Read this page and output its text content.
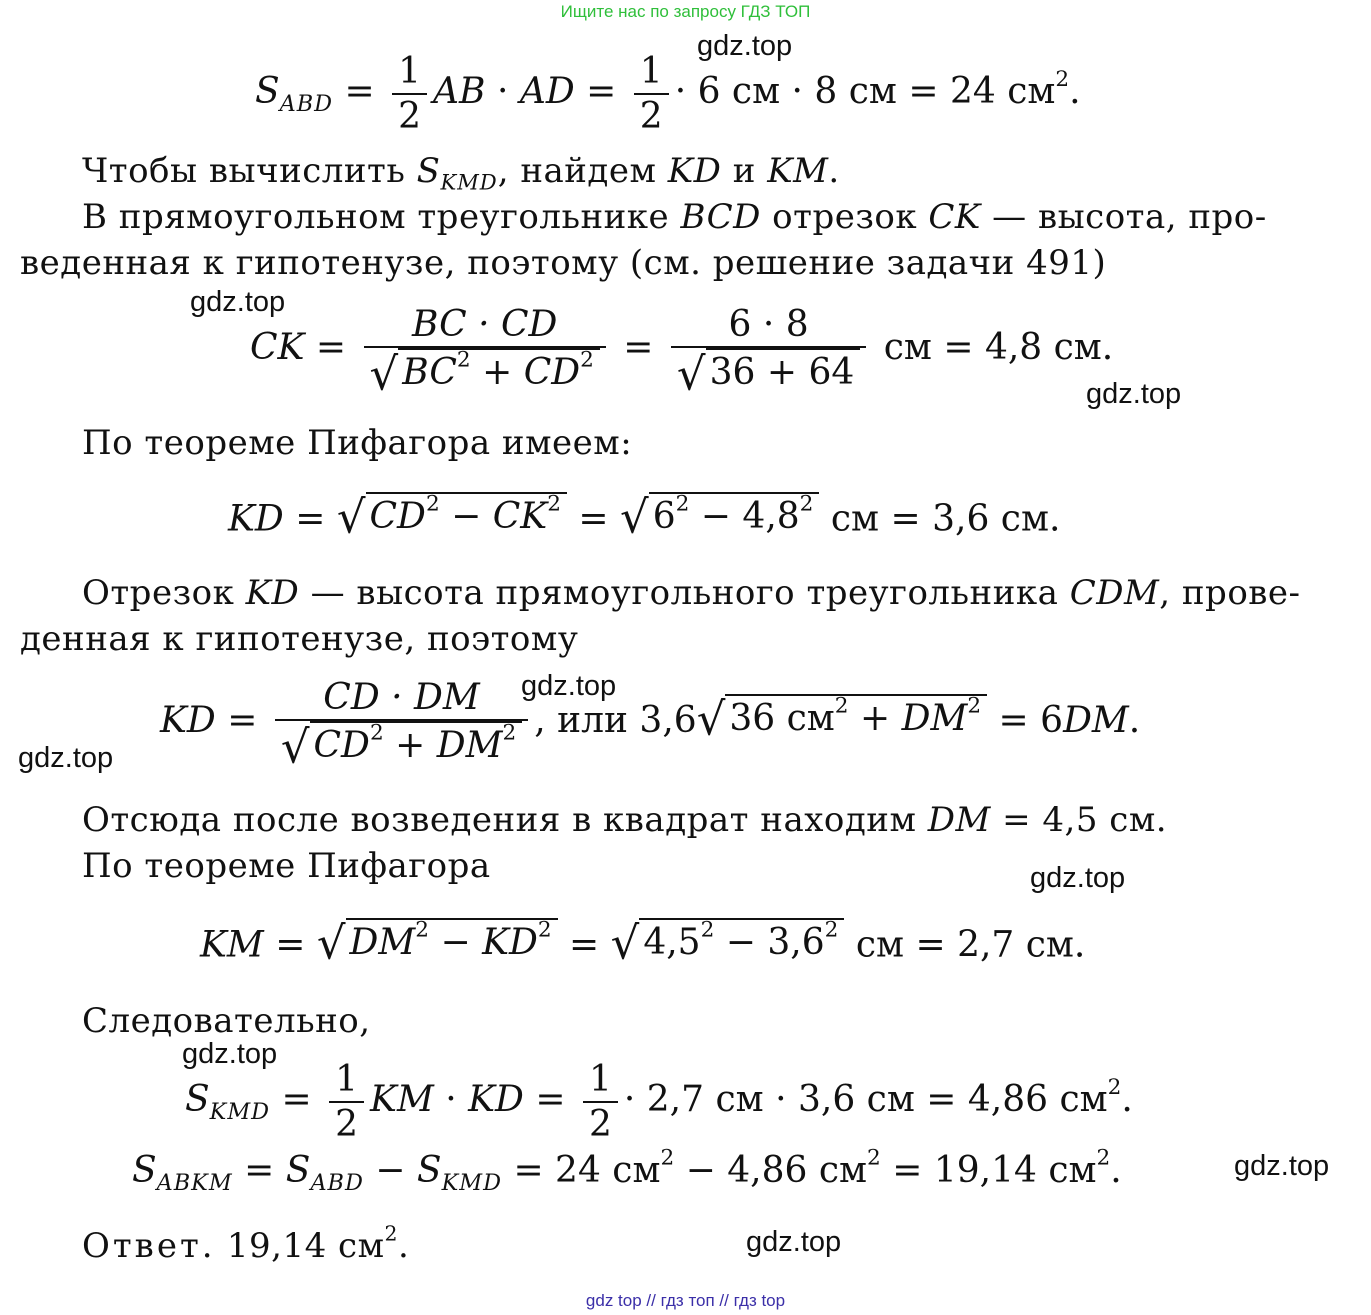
Ищите нас по запросу ГДЗ ТОП
$S_{ABD} = \frac{1}{2}$ AB · AD = $\frac{1}{2} \cdot 6$ см · 8 см = 24 $см^2$.
Чтобы вычислить $S_{KMD}$, найдем KD и KM.
В прямоугольном треугольнике BCD отрезок CK — высота, про-
веденная к гипотенузе, поэтому (см. решение задачи 491)
CK = $\frac{BC \cdot CD}{√ BC^2 + CD^2} = \frac{6 \cdot 8}{√ 36 + 64}$ см = 4,8 см.
По теореме Пифагора имеем:
KD = √ $CD^2 - CK^2$ = √ $6^2 - 4,8^2$ см = 3,6 см.
Отрезок KD — высота прямоугольного треугольника CDM, прове-
денная к гипотенузе, поэтому
KD = $\frac{CD \cdot DM}{√ CD^2 + DM^2}$ , или 3,6 √ 36 $см^2 + DM^2 = 6DM$.
Отсюда после возведения в квадрат находим DM = 4,5 см.
По теореме Пифагора
KM = √ $DM^2 - KD^2$ = √ $4,5^2 - 3,6^2$ см = 2,7 см.
Следовательно,
$S_{KMD} = \frac{1}{2}$ KM · KD = $\frac{1}{2} \cdot 2,7$ см · 3,6 см = 4,86 $см^2$.
$S_{ABKM} = S_{ABD} - S_{KMD} = 24$ $см^2 - 4,86$ $см^2 = 19,14$ $см^2$.
Ответ. 19,14 $см^2$.
gdz.top
gdz.top
gdz.top
gdz.top
gdz.top
gdz.top
gdz.top
gdz.top
gdz.top
gdz top // гдз топ // гдз top
